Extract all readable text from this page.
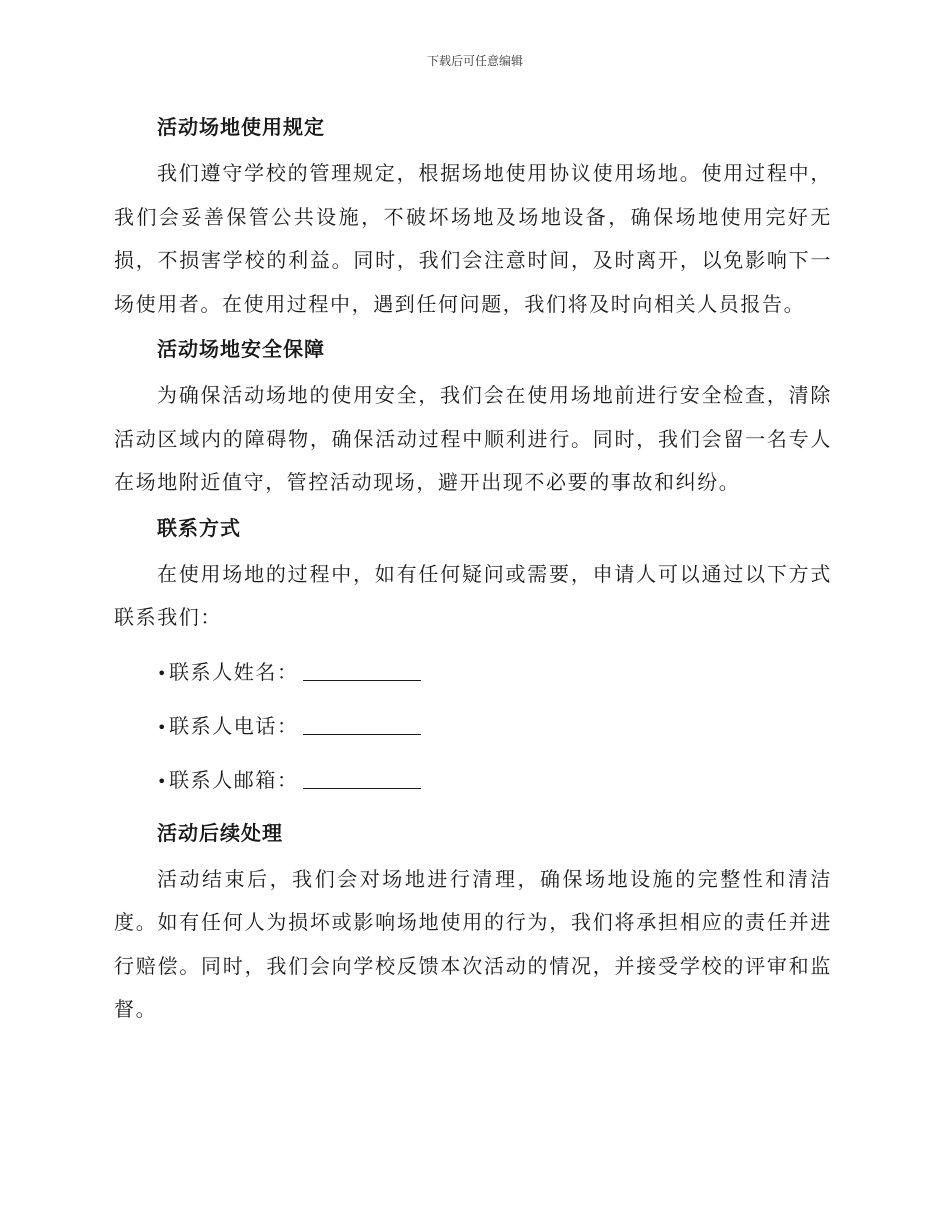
下载后可任意编辑
活动场地使用规定

我们遵守学校的管理规定，根据场地使用协议使用场地。使用过程中，我们会妥善保管公共设施，不破坏场地及场地设备，确保场地使用完好无损，不损害学校的利益。同时，我们会注意时间，及时离开，以免影响下一场使用者。在使用过程中，遇到任何问题，我们将及时向相关人员报告。

活动场地安全保障

为确保活动场地的使用安全，我们会在使用场地前进行安全检查，清除活动区域内的障碍物，确保活动过程中顺利进行。同时，我们会留一名专人在场地附近值守，管控活动现场，避开出现不必要的事故和纠纷。

联系方式

在使用场地的过程中，如有任何疑问或需要，申请人可以通过以下方式联系我们：

• 联系人姓名：
• 联系人电话：
• 联系人邮箱：
活动后续处理

活动结束后，我们会对场地进行清理，确保场地设施的完整性和清洁度。如有任何人为损坏或影响场地使用的行为，我们将承担相应的责任并进行赔偿。同时，我们会向学校反馈本次活动的情况，并接受学校的评审和监督。
